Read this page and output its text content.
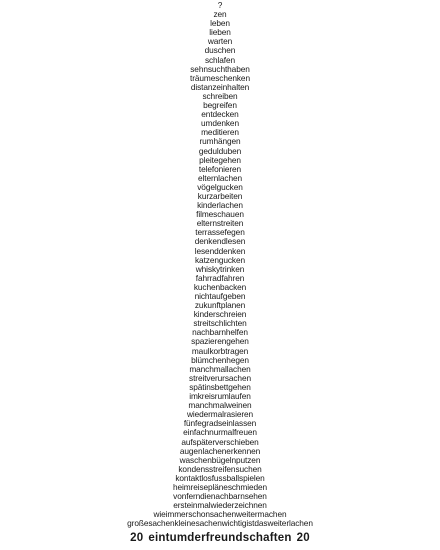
?
zen
leben
lieben
warten
duschen
schlafen
sehnsuchthaben
träumeschenken
distanzeinhalten
schreiben
begreifen
entdecken
umdenken
meditieren
rumhängen
gedulduben
pleitegehen
telefonieren
elternlachen
vögelgucken
kurzarbeiten
kinderlachen
filmeschauen
elternstreiten
terrassefegen
denkendlesen
lesenddenken
katzengucken
whiskytrinken
fahrradfahren
kuchenbacken
nichtaufgeben
zukunftplanen
kinderschreien
streitschlichten
nachbarnhelfen
spazierengehen
maulkorbtragen
blümchenhegen
manchmallachen
streitverursachen
spätinsbettgehen
imkreisrumlaufen
manchmalweinen
wiedermalrasieren
fünfegradseinlassen
einfachnurmalfreuen
aufspäterverschieben
augenlachenerkennen
waschenbügelnputzen
kondensstreifensuchen
kontaktlosfussballspielen
heimreisepläneschmieden
vonferndienachbarnsehen
ersteinmalwiederzeichnen
wieimmerschonsachenweitermachen
großesachenkleinesachenwichtigistdasweiterlachen
20 eintumderfreundschaften 20
